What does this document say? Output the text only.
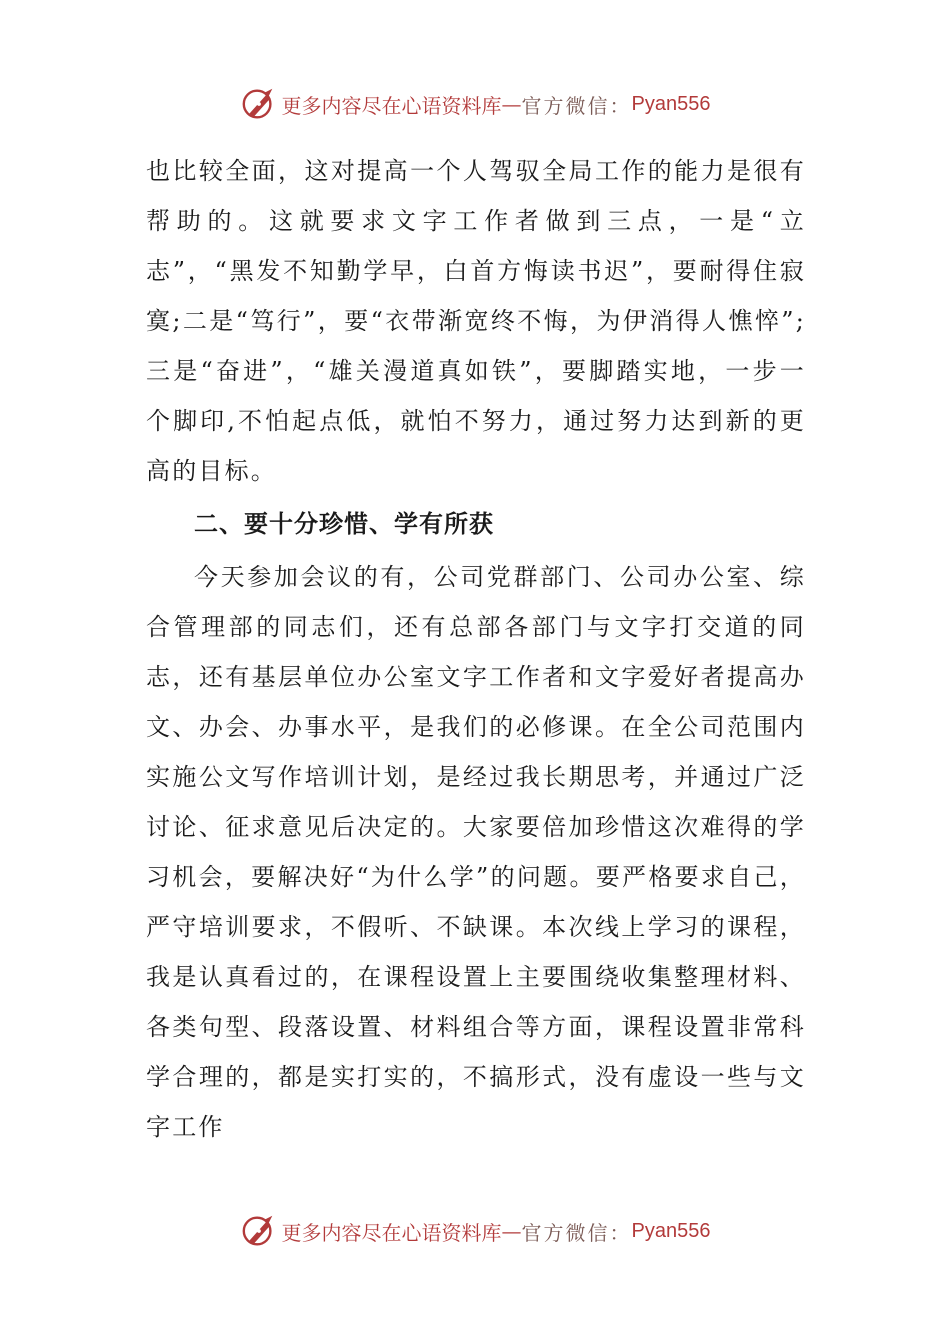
更多内容尽在心语资料库 — 官方微信： Pyan556

也比较全面，这对提高一个人驾驭全局工作的能力是很有帮助的。这就要求文字工作者做到三点，一是“立志”，“黑发不知勤学早，白首方悔读书迟”，要耐得住寂寞;二是“笃行”，要“衣带渐宽终不悔，为伊消得人憔悴”;三是“奋进”，“雄关漫道真如铁”，要脚踏实地，一步一个脚印,不怕起点低，就怕不努力，通过努力达到新的更高的目标。

二、要十分珍惜、学有所获

今天参加会议的有，公司党群部门、公司办公室、综合管理部的同志们，还有总部各部门与文字打交道的同志，还有基层单位办公室文字工作者和文字爱好者提高办文、办会、办事水平，是我们的必修课。在全公司范围内实施公文写作培训计划，是经过我长期思考，并通过广泛讨论、征求意见后决定的。大家要倍加珍惜这次难得的学习机会，要解决好“为什么学”的问题。要严格要求自己，严守培训要求，不假听、不缺课。本次线上学习的课程，我是认真看过的，在课程设置上主要围绕收集整理材料、各类句型、段落设置、材料组合等方面，课程设置非常科学合理的，都是实打实的，不搞形式，没有虚设一些与文字工作

更多内容尽在心语资料库 — 官方微信： Pyan556
